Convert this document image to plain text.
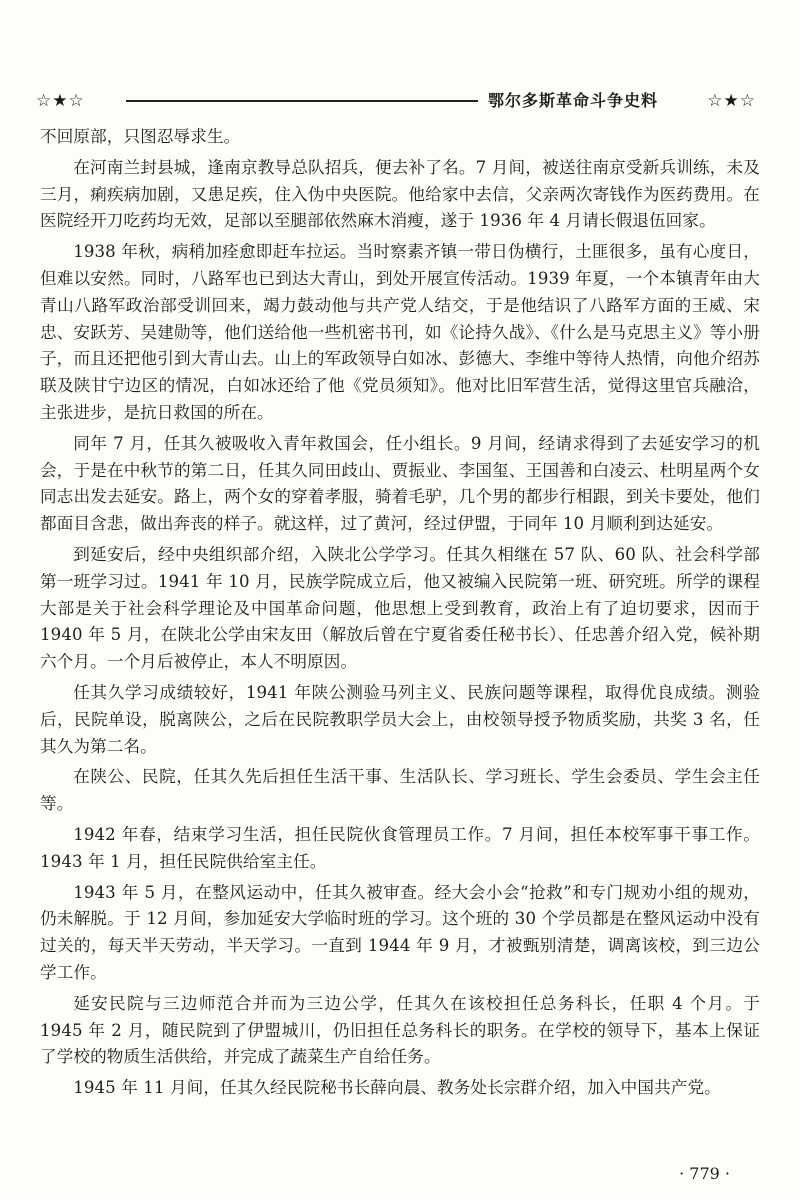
☆★☆	鄂尔多斯革命斗争史料	☆★☆

不回原部，只图忍辱求生。

在河南兰封县城，逢南京教导总队招兵，便去补了名。7 月间，被送往南京受新兵训练，未及三月，痢疾病加剧，又患足疾，住入伪中央医院。他给家中去信，父亲两次寄钱作为医药费用。在医院经开刀吃药均无效，足部以至腿部依然麻木消瘦，遂于 1936 年 4 月请长假退伍回家。

1938 年秋，病稍加痊愈即赶车拉运。当时察素齐镇一带日伪横行，土匪很多，虽有心度日，但难以安然。同时，八路军也已到达大青山，到处开展宣传活动。1939 年夏，一个本镇青年由大青山八路军政治部受训回来，竭力鼓动他与共产党人结交，于是他结识了八路军方面的王威、宋忠、安跃芳、吴建勋等，他们送给他一些机密书刊，如《论持久战》、《什么是马克思主义》等小册子，而且还把他引到大青山去。山上的军政领导白如冰、彭德大、李维中等待人热情，向他介绍苏联及陕甘宁边区的情况，白如冰还给了他《党员须知》。他对比旧军营生活，觉得这里官兵融洽，主张进步，是抗日救国的所在。

同年 7 月，任其久被吸收入青年救国会，任小组长。9 月间，经请求得到了去延安学习的机会，于是在中秋节的第二日，任其久同田歧山、贾振业、李国玺、王国善和白凌云、杜明星两个女同志出发去延安。路上，两个女的穿着孝服，骑着毛驴，几个男的都步行相跟，到关卡要处，他们都面目含悲，做出奔丧的样子。就这样，过了黄河，经过伊盟，于同年 10 月顺利到达延安。

到延安后，经中央组织部介绍，入陕北公学学习。任其久相继在 57 队、60 队、社会科学部第一班学习过。1941 年 10 月，民族学院成立后，他又被编入民院第一班、研究班。所学的课程大部是关于社会科学理论及中国革命问题，他思想上受到教育，政治上有了迫切要求，因而于 1940 年 5 月，在陕北公学由宋友田（解放后曾在宁夏省委任秘书长）、任忠善介绍入党，候补期六个月。一个月后被停止，本人不明原因。

任其久学习成绩较好，1941 年陕公测验马列主义、民族问题等课程，取得优良成绩。测验后，民院单设，脱离陕公，之后在民院教职学员大会上，由校领导授予物质奖励，共奖 3 名，任其久为第二名。

在陕公、民院，任其久先后担任生活干事、生活队长、学习班长、学生会委员、学生会主任等。

1942 年春，结束学习生活，担任民院伙食管理员工作。7 月间，担任本校军事干事工作。1943 年 1 月，担任民院供给室主任。

1943 年 5 月，在整风运动中，任其久被审查。经大会小会“抢救”和专门规劝小组的规劝，仍未解脱。于 12 月间，参加延安大学临时班的学习。这个班的 30 个学员都是在整风运动中没有过关的，每天半天劳动，半天学习。一直到 1944 年 9 月，才被甄别清楚，调离该校，到三边公学工作。

延安民院与三边师范合并而为三边公学，任其久在该校担任总务科长，任职 4 个月。于 1945 年 2 月，随民院到了伊盟城川，仍旧担任总务科长的职务。在学校的领导下，基本上保证了学校的物质生活供给，并完成了蔬菜生产自给任务。

1945 年 11 月间，任其久经民院秘书长薛向晨、教务处长宗群介绍，加入中国共产党。

· 779 ·
